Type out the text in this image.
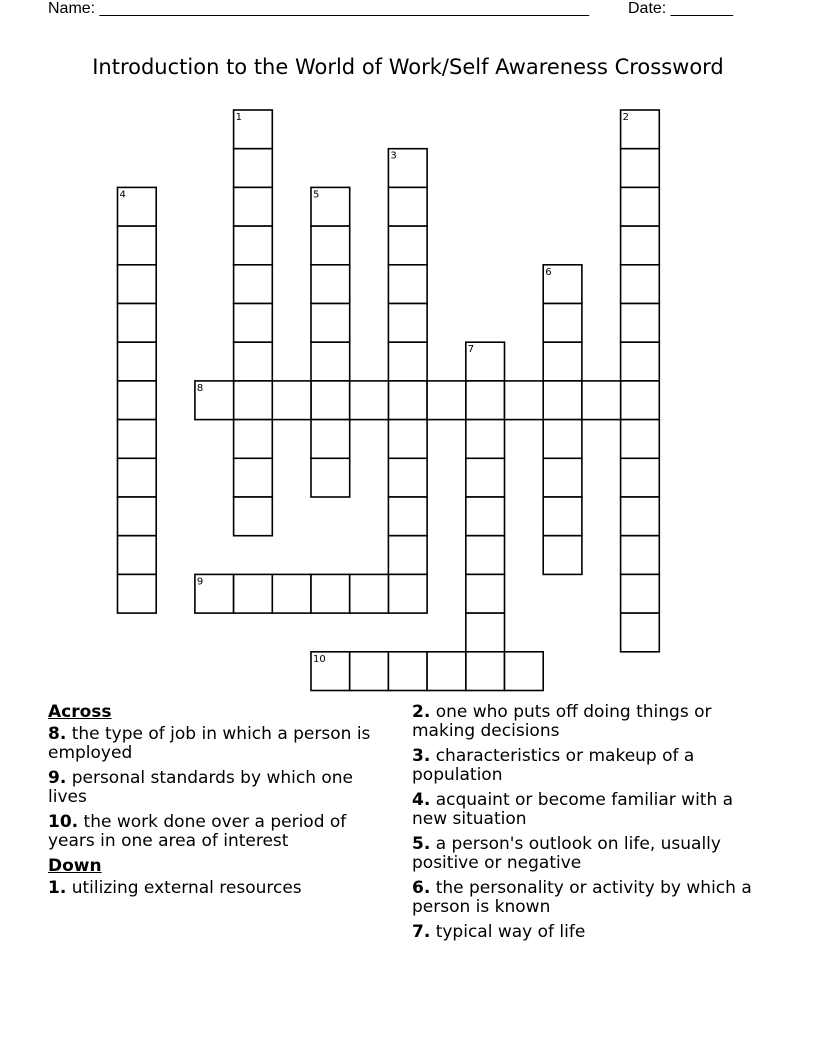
Name: _______________________________________________________ Date: _______
Introduction to the World of Work/Self Awareness Crossword
1	2
3
4	5
6
7
8
9
10
Across
8. the type of job in which a person is employed
9. personal standards by which one lives
10. the work done over a period of years in one area of interest
Down
1. utilizing external resources
2. one who puts off doing things or making decisions
3. characteristics or makeup of a population
4. acquaint or become familiar with a new situation
5. a person's outlook on life, usually positive or negative
6. the personality or activity by which a person is known
7. typical way of life
